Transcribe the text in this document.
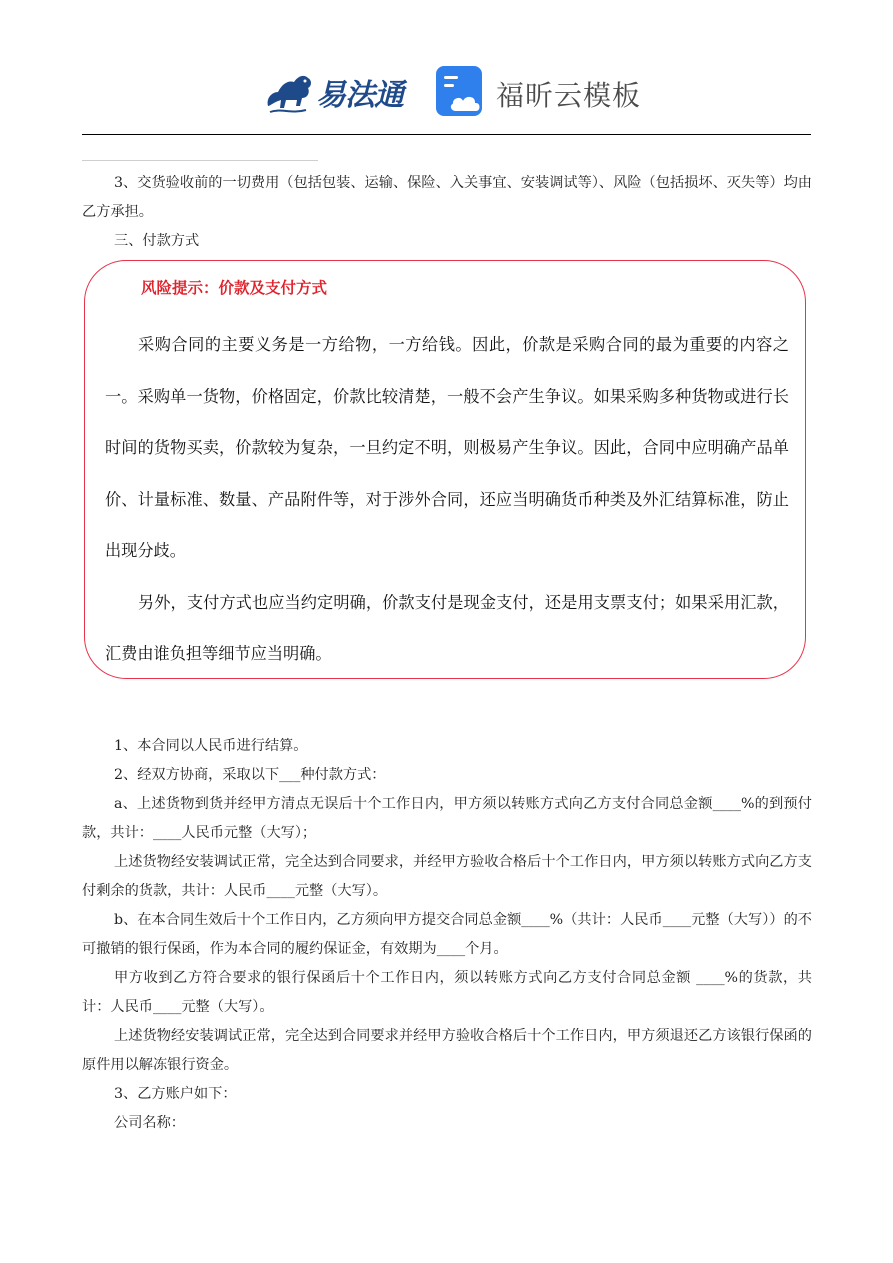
易法通	福昕云模板

3、交货验收前的一切费用（包括包装、运输、保险、入关事宜、安装调试等）、风险（包括损坏、灭失等）均由乙方承担。

三、付款方式

风险提示：价款及支付方式

采购合同的主要义务是一方给物，一方给钱。因此，价款是采购合同的最为重要的内容之一。采购单一货物，价格固定，价款比较清楚，一般不会产生争议。如果采购多种货物或进行长时间的货物买卖，价款较为复杂，一旦约定不明，则极易产生争议。因此，合同中应明确产品单价、计量标准、数量、产品附件等，对于涉外合同，还应当明确货币种类及外汇结算标准，防止出现分歧。

另外，支付方式也应当约定明确，价款支付是现金支付，还是用支票支付；如果采用汇款，汇费由谁负担等细节应当明确。

1、本合同以人民币进行结算。

2、经双方协商，采取以下___种付款方式：

a、上述货物到货并经甲方清点无误后十个工作日内，甲方须以转账方式向乙方支付合同总金额____%的到预付款，共计：____人民币元整（大写）；

上述货物经安装调试正常，完全达到合同要求，并经甲方验收合格后十个工作日内，甲方须以转账方式向乙方支付剩余的货款，共计：人民币____元整（大写）。

b、在本合同生效后十个工作日内，乙方须向甲方提交合同总金额____%（共计：人民币____元整（大写））的不可撤销的银行保函，作为本合同的履约保证金，有效期为____个月。

甲方收到乙方符合要求的银行保函后十个工作日内，须以转账方式向乙方支付合同总金额 ____%的货款，共计：人民币____元整（大写）。

上述货物经安装调试正常，完全达到合同要求并经甲方验收合格后十个工作日内，甲方须退还乙方该银行保函的原件用以解冻银行资金。

3、乙方账户如下：

公司名称：
